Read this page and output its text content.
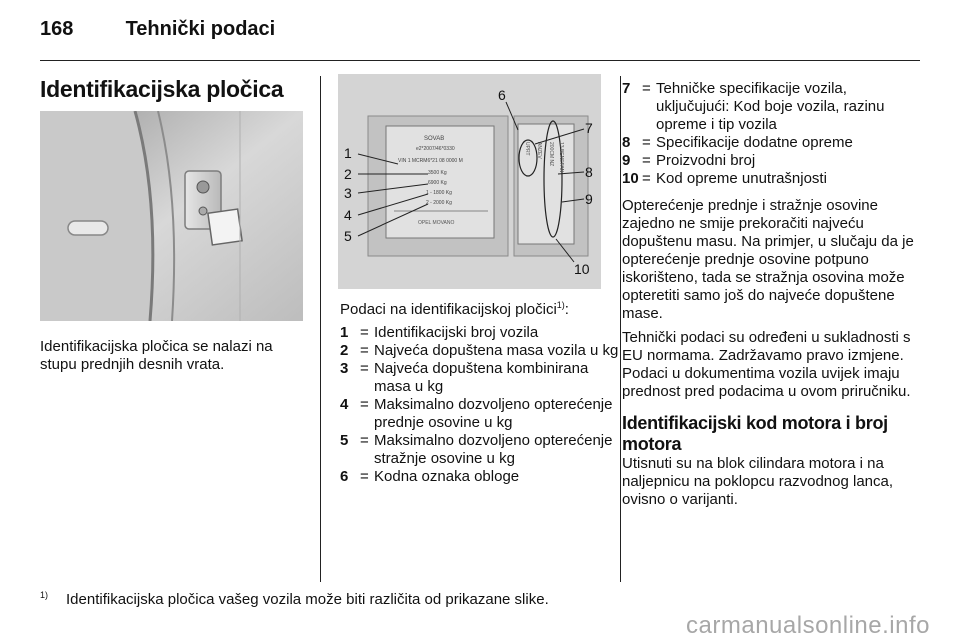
168	Tehnički podaci
Identifikacijska pločica
Identifikacijska pločica se nalazi na stupu prednjih desnih vrata.
SOVAB
e2*2007/46*0330
VIN 1 MCRM6*21 08 0000 M
3500 Kg
6900 Kg
1 - 1800 Kg
2 - 2000 Kg
OPEL MOVANO
UPRT ANZEV 200CM NZ 13 BENEFAN
1
2
3
4
5
6
7
8
9
10
Podaci na identifikacijskoj pločici$^{1)}$:
1 = Identifikacijski broj vozila
2 = Najveća dopuštena masa vozila u kg
3 = Najveća dopuštena kombinirana masa u kg
4 = Maksimalno dozvoljeno opterećenje prednje osovine u kg
5 = Maksimalno dozvoljeno opterećenje stražnje osovine u kg
6 = Kodna oznaka obloge
7 = Tehničke specifikacije vozila, uključujući: Kod boje vozila, razinu opreme i tip vozila
8 = Specifikacije dodatne opreme
9 = Proizvodni broj
10 = Kod opreme unutrašnjosti

Opterećenje prednje i stražnje osovine zajedno ne smije prekoračiti najveću dopuštenu masu. Na primjer, u slučaju da je opterećenje prednje osovine potpuno iskorišteno, tada se stražnja osovina može opteretiti samo još do najveće dopuštene mase.

Tehnički podaci su određeni u sukladnosti s EU normama. Zadržavamo pravo izmjene. Podaci u dokumentima vozila uvijek imaju prednost pred podacima u ovom priručniku.

Identifikacijski kod motora i broj motora

Utisnuti su na blok cilindara motora i na naljepnicu na poklopcu razvodnog lanca, ovisno o varijanti.

$^{1)}$ Identifikacijska pločica vašeg vozila može biti različita od prikazane slike.
carmanualsonline.info
